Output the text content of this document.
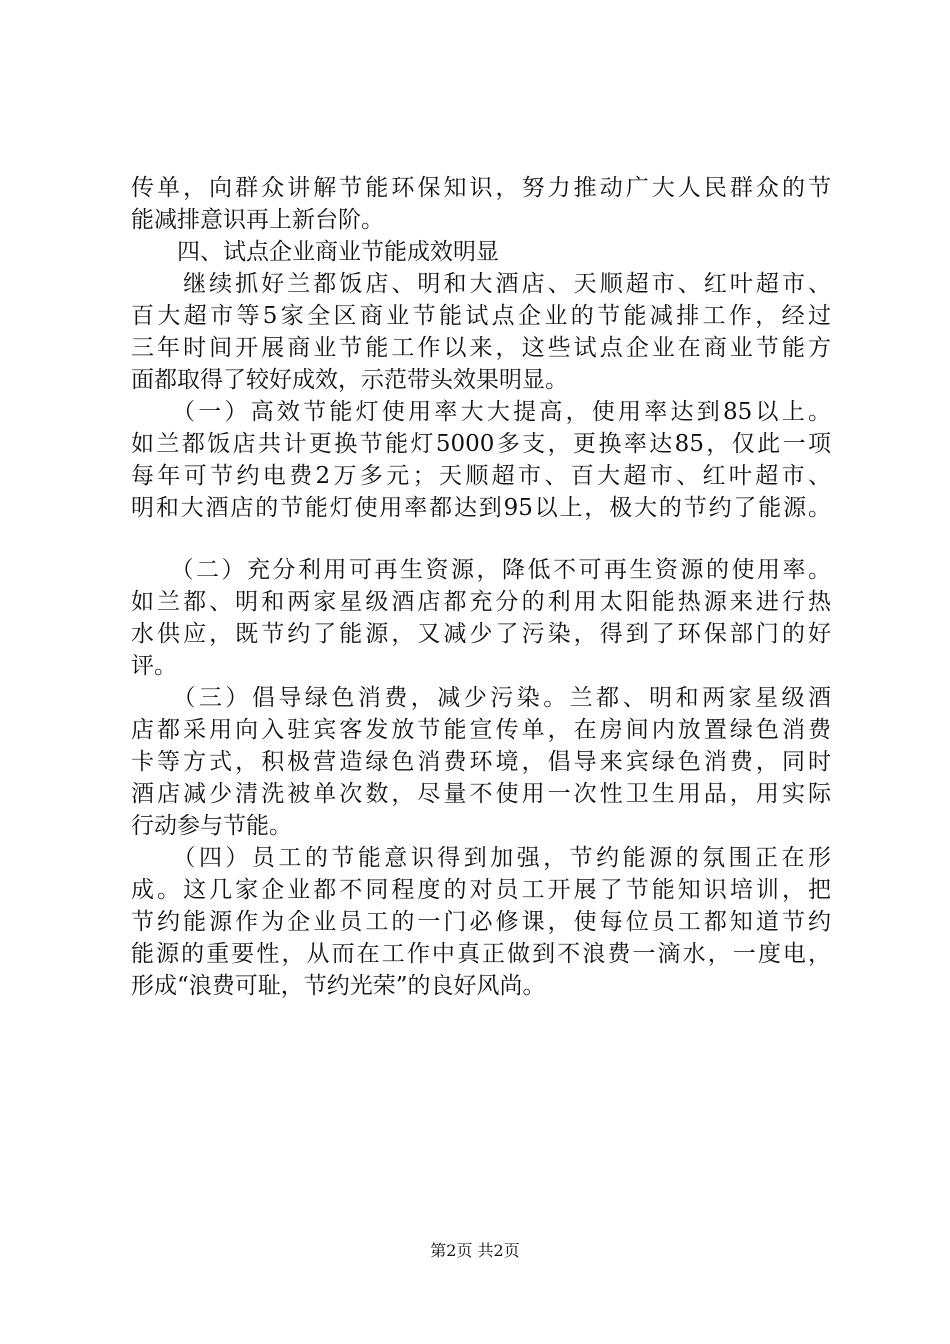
传单，向群众讲解节能环保知识，努力推动广大人民群众的节
能减排意识再上新台阶。
　　四、试点企业商业节能成效明显
　　继续抓好兰都饭店、明和大酒店、天顺超市、红叶超市、
百大超市等5家全区商业节能试点企业的节能减排工作，经过
三年时间开展商业节能工作以来，这些试点企业在商业节能方
面都取得了较好成效，示范带头效果明显。
　　（一）高效节能灯使用率大大提高，使用率达到85以上。
如兰都饭店共计更换节能灯5000多支，更换率达85，仅此一项
每年可节约电费2万多元；天顺超市、百大超市、红叶超市、
明和大酒店的节能灯使用率都达到95以上，极大的节约了能源。
　　（二）充分利用可再生资源，降低不可再生资源的使用率。
如兰都、明和两家星级酒店都充分的利用太阳能热源来进行热
水供应，既节约了能源，又减少了污染，得到了环保部门的好
评。
　　（三）倡导绿色消费，减少污染。兰都、明和两家星级酒
店都采用向入驻宾客发放节能宣传单，在房间内放置绿色消费
卡等方式，积极营造绿色消费环境，倡导来宾绿色消费，同时
酒店减少清洗被单次数，尽量不使用一次性卫生用品，用实际
行动参与节能。
　　（四）员工的节能意识得到加强，节约能源的氛围正在形
成。这几家企业都不同程度的对员工开展了节能知识培训，把
节约能源作为企业员工的一门必修课，使每位员工都知道节约
能源的重要性，从而在工作中真正做到不浪费一滴水，一度电，
形成“浪费可耻，节约光荣”的良好风尚。
第2页 共2页
